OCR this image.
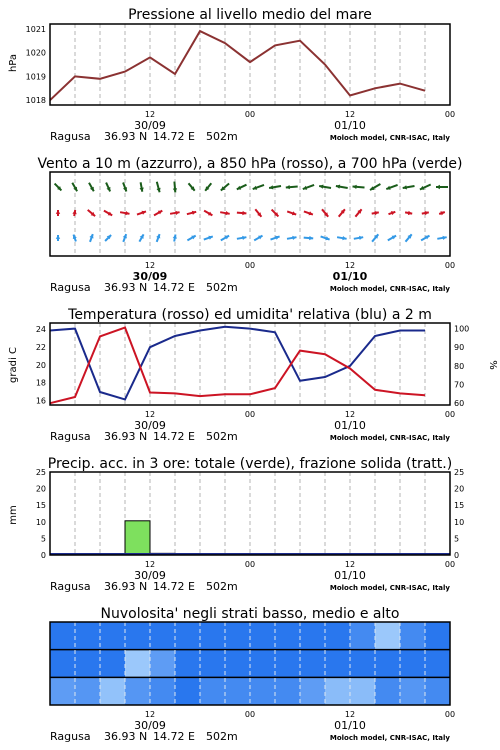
Pressione al livello medio del mare
hPa
1018
1019
1020
1021
12	00	12	00
30/09	01/10
Ragusa 36.93 N 14.72 E 502m	Moloch model, CNR-ISAC, Italy
Vento a 10 m (azzurro), a 850 hPa (rosso), a 700 hPa (verde)
12	00	12	00
30/09	01/10
Ragusa 36.93 N 14.72 E 502m	Moloch model, CNR-ISAC, Italy
Temperatura (rosso) ed umidita' relativa (blu) a 2 m
gradi C	%
16
18
20
22
24
60
70
80
90
100
12	00	12	00
30/09	01/10
Ragusa 36.93 N 14.72 E 502m	Moloch model, CNR-ISAC, Italy
Precip. acc. in 3 ore: totale (verde), frazione solida (tratt.)
mm
0
5
10
15
20
25
0
5
10
15
20
25
12	00	12	00
30/09	01/10
Ragusa 36.93 N 14.72 E 502m	Moloch model, CNR-ISAC, Italy
Nuvolosita' negli strati basso, medio e alto
12	00	12	00
30/09	01/10
Ragusa 36.93 N 14.72 E 502m	Moloch model, CNR-ISAC, Italy
